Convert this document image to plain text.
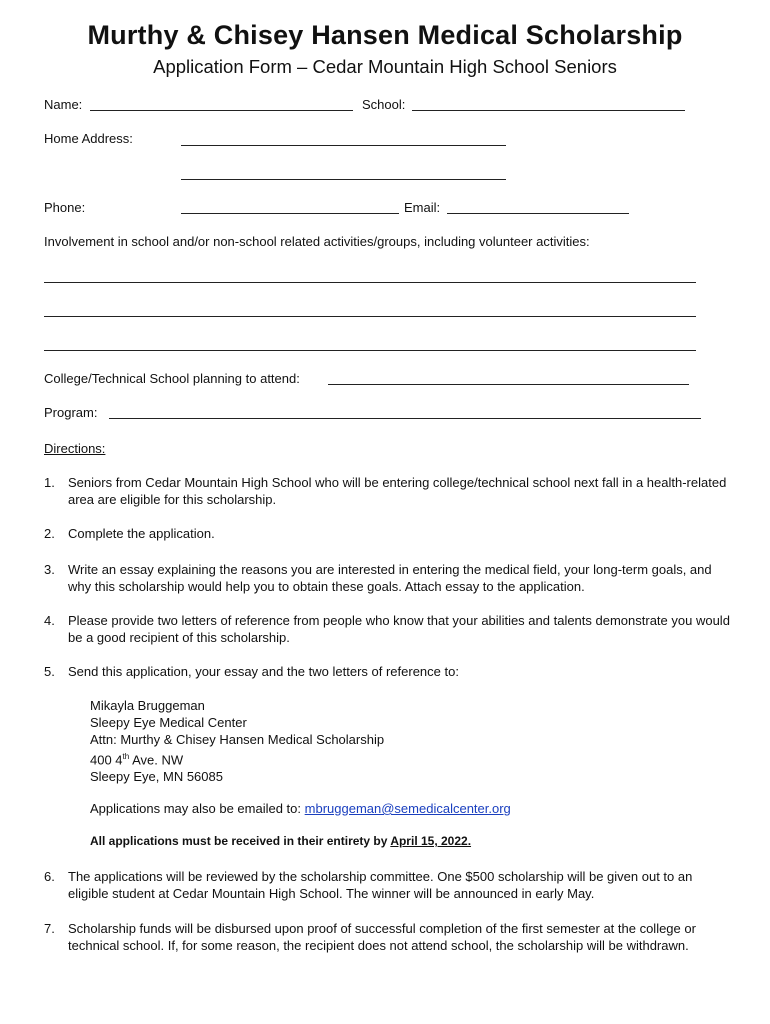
Murthy & Chisey Hansen Medical Scholarship
Application Form – Cedar Mountain High School Seniors
Name:	School:
Home Address:
Phone:	Email:
Involvement in school and/or non-school related activities/groups, including volunteer activities:
College/Technical School planning to attend:
Program:
Directions:
1. Seniors from Cedar Mountain High School who will be entering college/technical school next fall in a health-related area are eligible for this scholarship.
2. Complete the application.
3. Write an essay explaining the reasons you are interested in entering the medical field, your long-term goals, and why this scholarship would help you to obtain these goals. Attach essay to the application.
4. Please provide two letters of reference from people who know that your abilities and talents demonstrate you would be a good recipient of this scholarship.
5. Send this application, your essay and the two letters of reference to:
Mikayla Bruggeman
Sleepy Eye Medical Center
Attn: Murthy & Chisey Hansen Medical Scholarship
400 4th Ave. NW
Sleepy Eye, MN 56085
Applications may also be emailed to: mbruggeman@semedicalcenter.org
All applications must be received in their entirety by April 15, 2022.
6. The applications will be reviewed by the scholarship committee. One $500 scholarship will be given out to an eligible student at Cedar Mountain High School. The winner will be announced in early May.
7. Scholarship funds will be disbursed upon proof of successful completion of the first semester at the college or technical school. If, for some reason, the recipient does not attend school, the scholarship will be withdrawn.
